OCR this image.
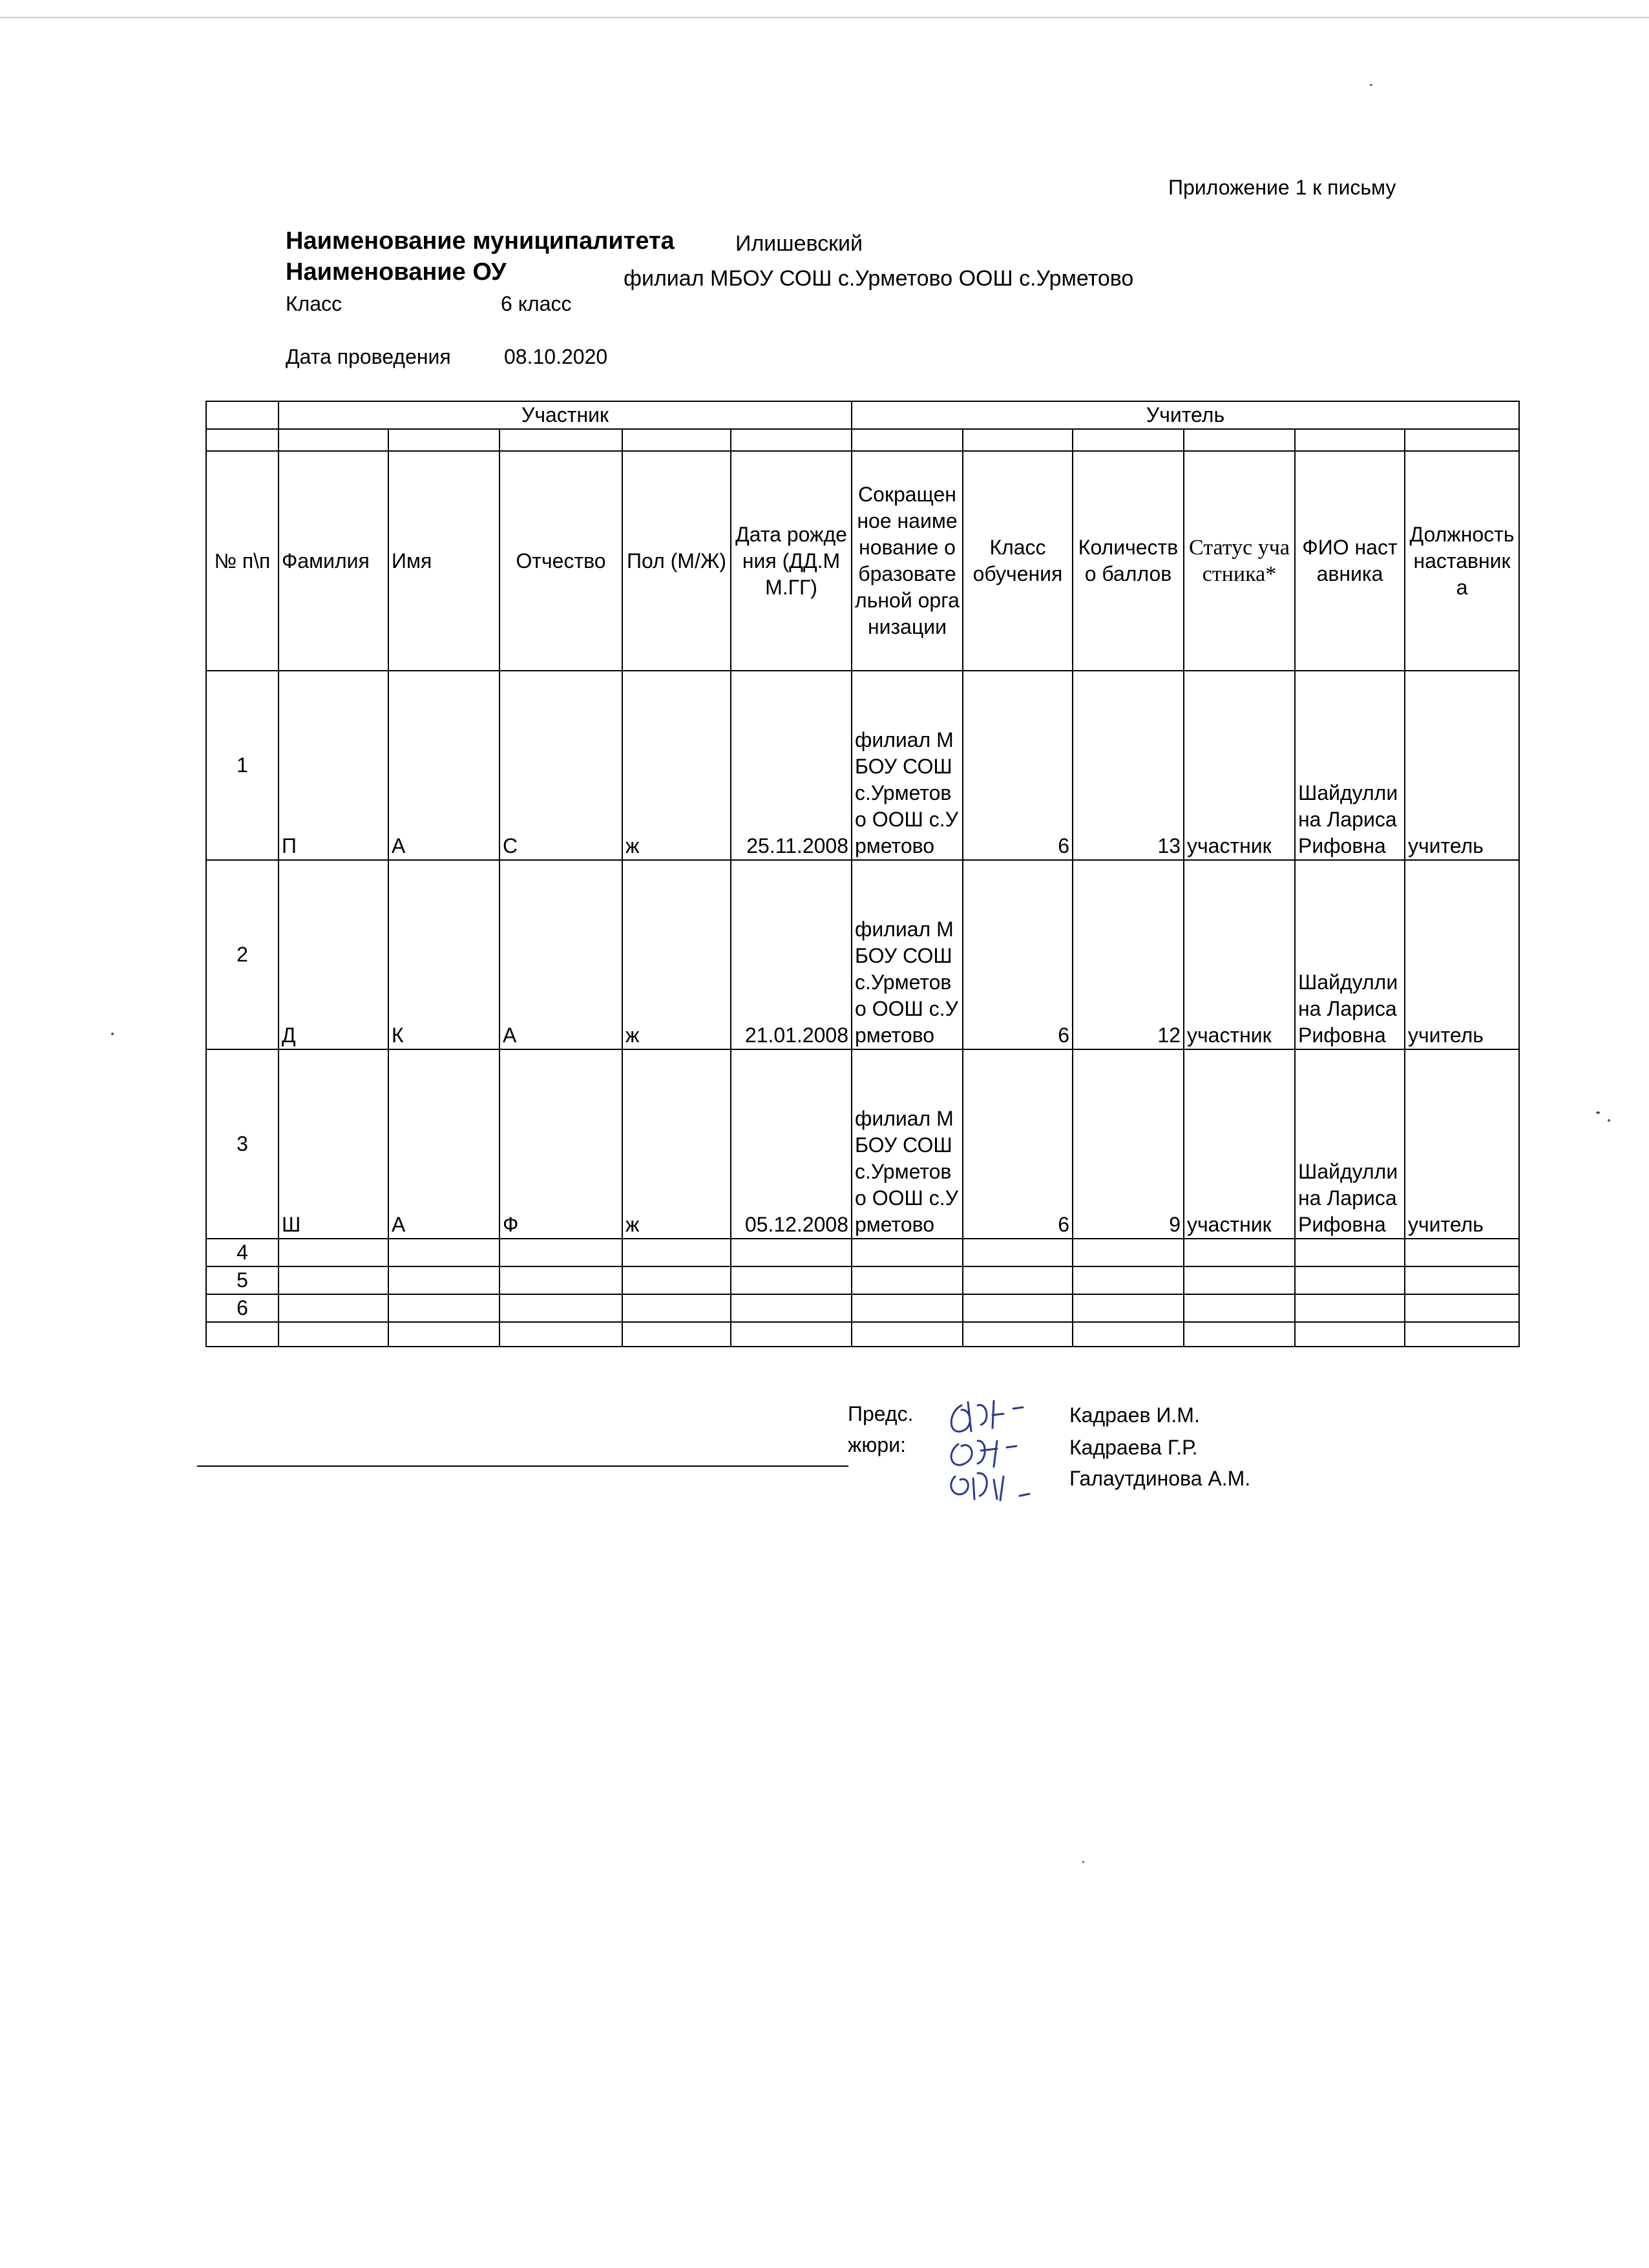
Приложение 1 к письму
Наименование муниципалитета	Илишевский
Наименование ОУ	филиал МБОУ СОШ с.Урметово ООШ с.Урметово
Класс	6 класс
Дата проведения	08.10.2020
	Участник					Учитель					

№ п\п	Фамилия	Имя	Отчество	Пол (М/Ж)	Дата рождения (ДД.ММ.ГГ)	Сокращенное наименование образовательной организации	Класс обучения	Количество баллов	Статус участника*	ФИО наставника	Должность наставника
1	П	А	С	ж	25.11.2008	филиал МБОУ СОШ с.Урметово ООШ с.Урметово	6	13	участник	Шайдуллина Лариса Рифовна	учитель
2	Д	К	А	ж	21.01.2008	филиал МБОУ СОШ с.Урметово ООШ с.Урметово	6	12	участник	Шайдуллина Лариса Рифовна	учитель
3	Ш	А	Ф	ж	05.12.2008	филиал МБОУ СОШ с.Урметово ООШ с.Урметово	6	9	участник	Шайдуллина Лариса Рифовна	учитель
4											
5											
6											

Предс.
жюри:
Кадраев И.М.
Кадраева Г.Р.
Галаутдинова А.М.
